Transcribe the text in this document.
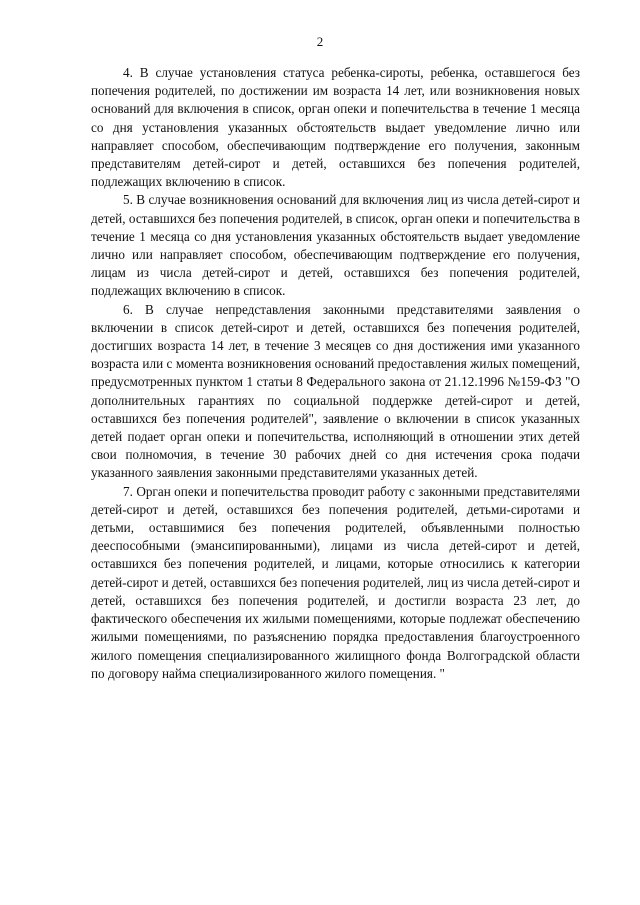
2

4. В случае установления статуса ребенка-сироты, ребенка, оставшегося без попечения родителей, по достижении им возраста 14 лет, или возникновения новых оснований для включения в список, орган опеки и попечительства в течение 1 месяца со дня установления указанных обстоятельств выдает уведомление лично или направляет способом, обеспечивающим подтверждение его получения, законным представителям детей-сирот и детей, оставшихся без попечения родителей, подлежащих включению в список.

5. В случае возникновения оснований для включения лиц из числа детей-сирот и детей, оставшихся без попечения родителей, в список, орган опеки и попечительства в течение 1 месяца со дня установления указанных обстоятельств выдает уведомление лично или направляет способом, обеспечивающим подтверждение его получения, лицам из числа детей-сирот и детей, оставшихся без попечения родителей, подлежащих включению в список.

6. В случае непредставления законными представителями заявления о включении в список детей-сирот и детей, оставшихся без попечения родителей, достигших возраста 14 лет, в течение 3 месяцев со дня достижения ими указанного возраста или с момента возникновения оснований предоставления жилых помещений, предусмотренных пунктом 1 статьи 8 Федерального закона от 21.12.1996 №159-ФЗ "О дополнительных гарантиях по социальной поддержке детей-сирот и детей, оставшихся без попечения родителей", заявление о включении в список указанных детей подает орган опеки и попечительства, исполняющий в отношении этих детей свои полномочия, в течение 30 рабочих дней со дня истечения срока подачи указанного заявления законными представителями указанных детей.

7. Орган опеки и попечительства проводит работу с законными представителями детей-сирот и детей, оставшихся без попечения родителей, детьми-сиротами и детьми, оставшимися без попечения родителей, объявленными полностью дееспособными (эмансипированными), лицами из числа детей-сирот и детей, оставшихся без попечения родителей, и лицами, которые относились к категории детей-сирот и детей, оставшихся без попечения родителей, лиц из числа детей-сирот и детей, оставшихся без попечения родителей, и достигли возраста 23 лет, до фактического обеспечения их жилыми помещениями, которые подлежат обеспечению жилыми помещениями, по разъяснению порядка предоставления благоустроенного жилого помещения специализированного жилищного фонда Волгоградской области по договору найма специализированного жилого помещения. "
